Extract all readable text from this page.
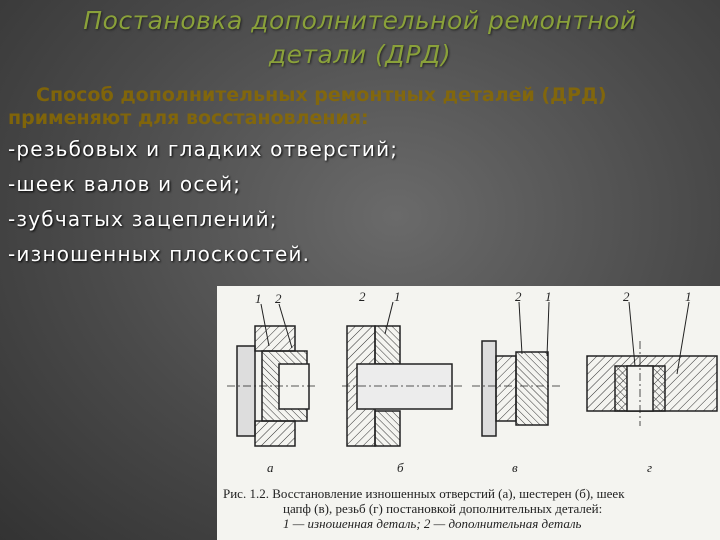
Постановка дополнительной ремонтной
детали (ДРД)

Способ дополнительных ремонтных деталей (ДРД) применяют для восстановления:

-резьбовых и гладких отверстий;
-шеек валов и осей;
-зубчатых зацеплений;
-изношенных плоскостей.
1 2	2 1	2 1	2	1
а	б	в	г
Рис. 1.2. Восстановление изношенных отверстий (а), шестерен (б), шеек
цапф (в), резьб (г) постановкой дополнительных деталей:
1 — изношенная деталь; 2 — дополнительная деталь
